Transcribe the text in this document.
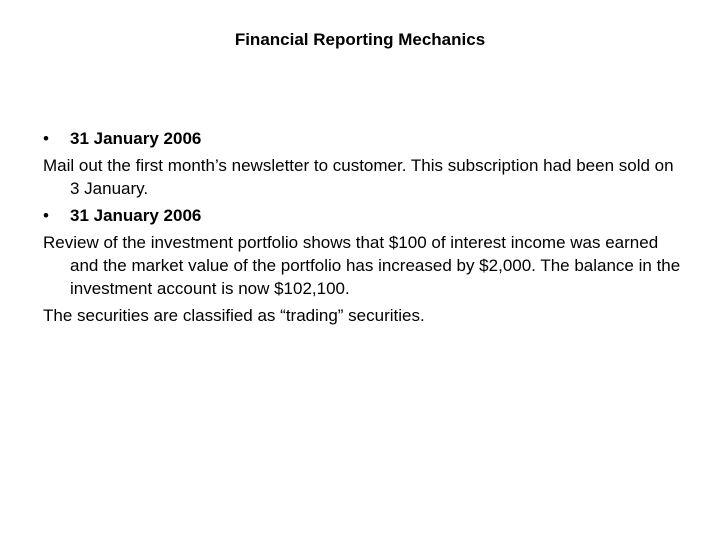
Financial Reporting Mechanics
•	31 January 2006

Mail out the first month’s newsletter to customer. This subscription had been sold on 3 January.

•	31 January 2006

Review of the investment portfolio shows that $100 of interest income was earned and the market value of the portfolio has increased by $2,000. The balance in the investment account is now $102,100.

The securities are classified as “trading” securities.
